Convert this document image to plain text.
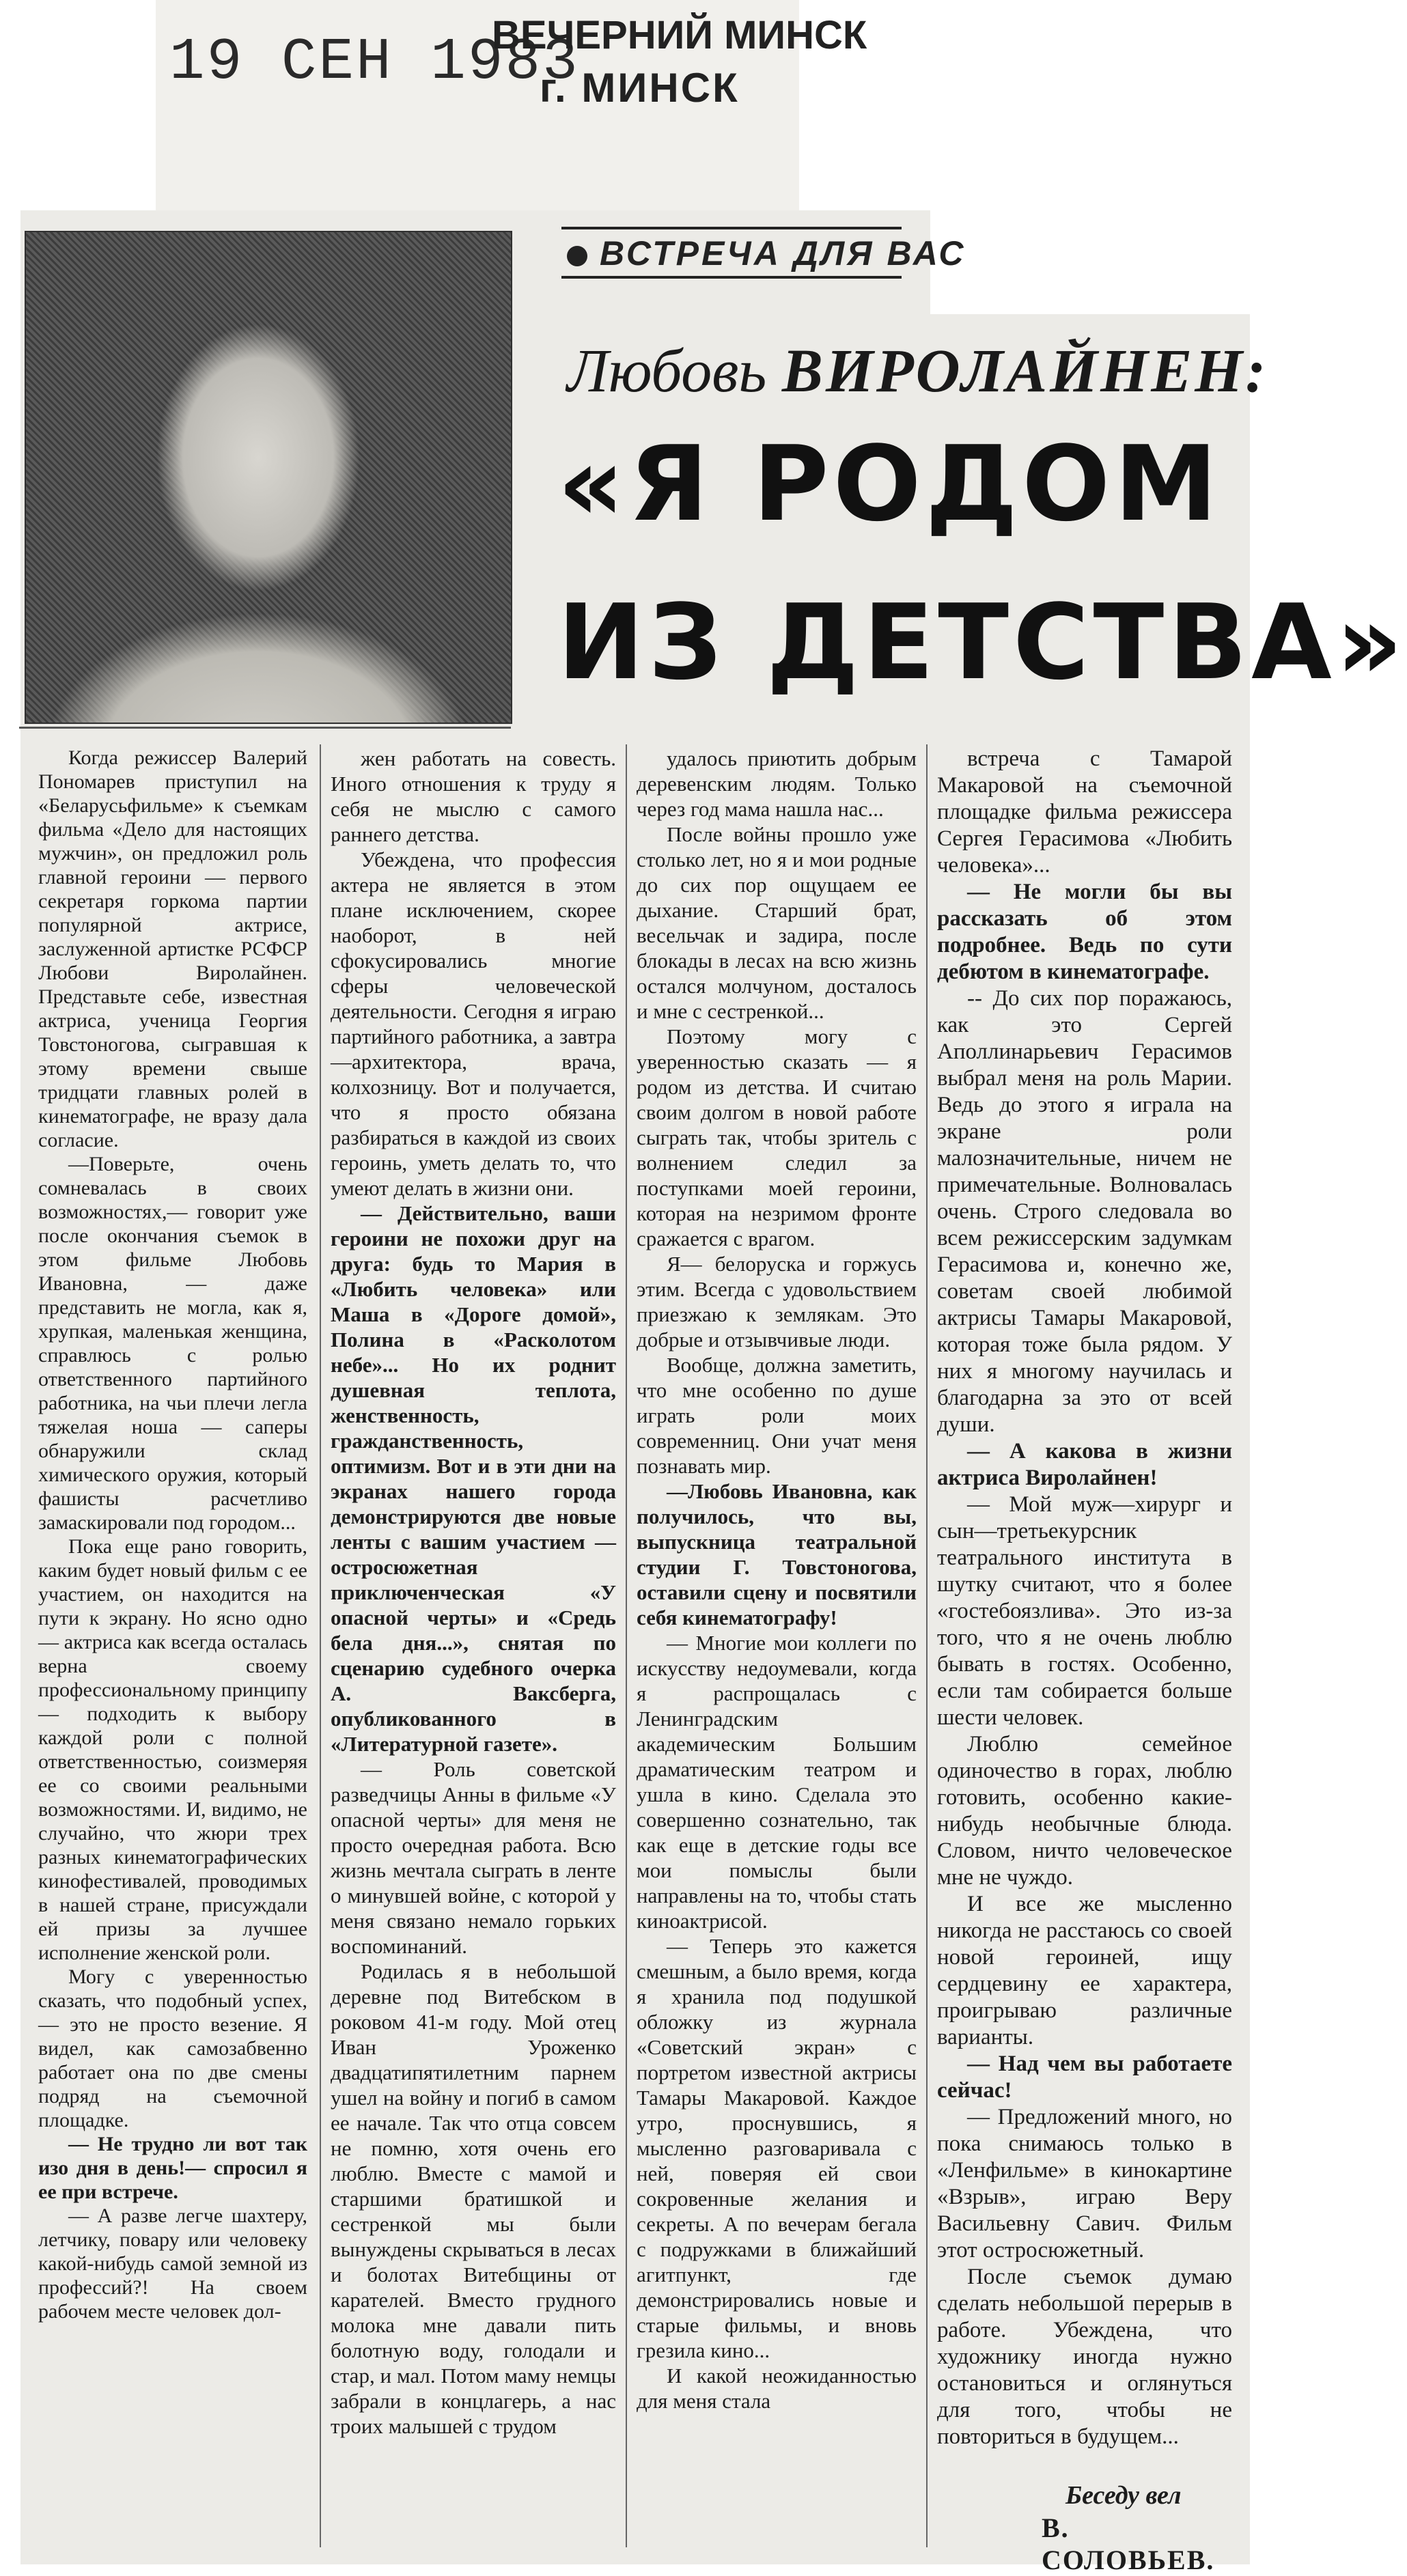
19 СЕН 1983
ВЕЧЕРНИЙ МИНСК
г. МИНСК
ВСТРЕЧА ДЛЯ ВАС
Любовь ВИРОЛАЙНЕН:
«Я РОДОМ
ИЗ ДЕТСТВА»

Когда режиссер Валерий Пономарев приступил на «Беларусьфильме» к съемкам фильма «Дело для настоящих мужчин», он предложил роль главной героини — первого секретаря горкома партии популярной актрисе, заслуженной артистке РСФСР Любови Виролайнен. Представьте себе, известная актриса, ученица Георгия Товстоногова, сыгравшая к этому времени свыше тридцати главных ролей в кинематографе, не вразу дала согласие.

—Поверьте, очень сомневалась в своих возможностях,— говорит уже после окончания съемок в этом фильме Любовь Ивановна, — даже представить не могла, как я, хрупкая, маленькая женщина, справлюсь с ролью ответственного партийного работника, на чьи плечи легла тяжелая ноша — саперы обнаружили склад химического оружия, который фашисты расчетливо замаскировали под городом...

Пока еще рано говорить, каким будет новый фильм с ее участием, он находится на пути к экрану. Но ясно одно — актриса как всегда осталась верна своему профессиональному принципу— подходить к выбору каждой роли с полной ответственностью, соизмеряя ее со своими реальными возможностями. И, видимо, не случайно, что жюри трех разных кинематографических кинофестивалей, проводимых в нашей стране, присуждали ей призы за лучшее исполнение женской роли.

Могу с уверенностью сказать, что подобный успех, — это не просто везение. Я видел, как самозабвенно работает она по две смены подряд на съемочной площадке.

— Не трудно ли вот так изо дня в день!— спросил я ее при встрече.

— А разве легче шахтеру, летчику, повару или человеку какой-нибудь самой земной из профессий?! На своем рабочем месте человек дол-

жен работать на совесть. Иного отношения к труду я себя не мыслю с самого раннего детства.

Убеждена, что профессия актера не является в этом плане исключением, скорее наоборот, в ней сфокусировались многие сферы человеческой деятельности. Сегодня я играю партийного работника, а завтра —архитектора, врача, колхозницу. Вот и получается, что я просто обязана разбираться в каждой из своих героинь, уметь делать то, что умеют делать в жизни они.

— Действительно, ваши героини не похожи друг на друга: будь то Мария в «Любить человека» или Маша в «Дороге домой», Полина в «Расколотом небе»... Но их роднит душевная теплота, женственность, гражданственность, оптимизм. Вот и в эти дни на экранах нашего города демонстрируются две новые ленты с вашим участием — остросюжетная приключенческая «У опасной черты» и «Средь бела дня...», снятая по сценарию судебного очерка А. Ваксберга, опубликованного в «Литературной газете».

— Роль советской разведчицы Анны в фильме «У опасной черты» для меня не просто очередная работа. Всю жизнь мечтала сыграть в ленте о минувшей войне, с которой у меня связано немало горьких воспоминаний.

Родилась я в небольшой деревне под Витебском в роковом 41-м году. Мой отец Иван Уроженко двадцатипятилетним парнем ушел на войну и погиб в самом ее начале. Так что отца совсем не помню, хотя очень его люблю. Вместе с мамой и старшими братишкой и сестренкой мы были вынуждены скрываться в лесах и болотах Витебщины от карателей. Вместо грудного молока мне давали пить болотную воду, голодали и стар, и мал. Потом маму немцы забрали в концлагерь, а нас троих малышей с трудом

удалось приютить добрым деревенским людям. Только через год мама нашла нас...

После войны прошло уже столько лет, но я и мои родные до сих пор ощущаем ее дыхание. Старший брат, весельчак и задира, после блокады в лесах на всю жизнь остался молчуном, досталось и мне с сестренкой...

Поэтому могу с уверенностью сказать — я родом из детства. И считаю своим долгом в новой работе сыграть так, чтобы зритель с волнением следил за поступками моей героини, которая на незримом фронте сражается с врагом.

Я— белоруска и горжусь этим. Всегда с удовольствием приезжаю к землякам. Это добрые и отзывчивые люди.

Вообще, должна заметить, что мне особенно по душе играть роли моих современниц. Они учат меня познавать мир.

—Любовь Ивановна, как получилось, что вы, выпускница театральной студии Г. Товстоногова, оставили сцену и посвятили себя кинематографу!

— Многие мои коллеги по искусству недоумевали, когда я распрощалась с Ленинградским академическим Большим драматическим театром и ушла в кино. Сделала это совершенно сознательно, так как еще в детские годы все мои помыслы были направлены на то, чтобы стать киноактрисой.

— Теперь это кажется смешным, а было время, когда я хранила под подушкой обложку из журнала «Советский экран» с портретом известной актрисы Тамары Макаровой. Каждое утро, проснувшись, я мысленно разговаривала с ней, поверяя ей свои сокровенные желания и секреты. А по вечерам бегала с подружками в ближайший агитпункт, где демонстрировались новые и старые фильмы, и вновь грезила кино...

И какой неожиданностью для меня стала

встреча с Тамарой Макаровой на съемочной площадке фильма режиссера Сергея Герасимова «Любить человека»...

— Не могли бы вы рассказать об этом подробнее. Ведь по сути дебютом в кинематографе.

-- До сих пор поражаюсь, как это Сергей Аполлинарьевич Герасимов выбрал меня на роль Марии. Ведь до этого я играла на экране роли малозначительные, ничем не примечательные. Волновалась очень. Строго следовала во всем режиссерским задумкам Герасимова и, конечно же, советам своей любимой актрисы Тамары Макаровой, которая тоже была рядом. У них я многому научилась и благодарна за это от всей души.

— А какова в жизни актриса Виролайнен!

— Мой муж—хирург и сын—третьекурсник театрального института в шутку считают, что я более «гостебоязлива». Это из-за того, что я не очень люблю бывать в гостях. Особенно, если там собирается больше шести человек.

Люблю семейное одиночество в горах, люблю готовить, особенно какие-нибудь необычные блюда. Словом, ничто человеческое мне не чуждо.

И все же мысленно никогда не расстаюсь со своей новой героиней, ищу сердцевину ее характера, проигрываю различные варианты.

— Над чем вы работаете сейчас!

— Предложений много, но пока снимаюсь только в «Ленфильме» в кинокартине «Взрыв», играю Веру Васильевну Савич. Фильм этот остросюжетный.

После съемок думаю сделать небольшой перерыв в работе. Убеждена, что художнику иногда нужно остановиться и оглянуться для того, чтобы не повториться в будущем...

Беседу вел
В. СОЛОВЬЕВ.
